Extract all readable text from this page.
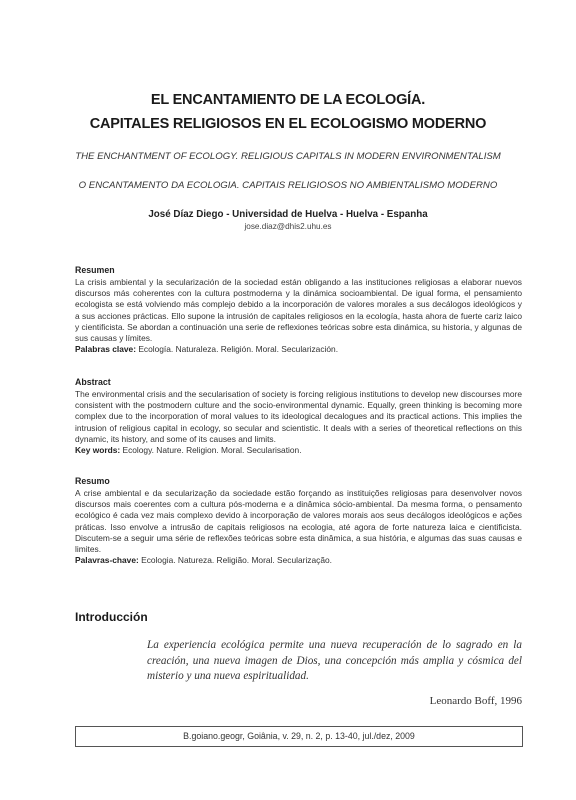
EL ENCANTAMIENTO DE LA ECOLOGÍA.
CAPITALES RELIGIOSOS EN EL ECOLOGISMO MODERNO
THE ENCHANTMENT OF ECOLOGY. RELIGIOUS CAPITALS IN MODERN ENVIRONMENTALISM
O ENCANTAMENTO DA ECOLOGIA. CAPITAIS RELIGIOSOS NO AMBIENTALISMO MODERNO
José Díaz Diego - Universidad de Huelva - Huelva - Espanha
jose.diaz@dhis2.uhu.es

Resumen

La crisis ambiental y la secularización de la sociedad están obligando a las instituciones religiosas a elaborar nuevos discursos más coherentes con la cultura postmoderna y la dinámica socioambiental. De igual forma, el pensamiento ecologista se está volviendo más complejo debido a la incorporación de valores morales a sus decálogos ideológicos y a sus acciones prácticas. Ello supone la intrusión de capitales religiosos en la ecología, hasta ahora de fuerte cariz laico y cientificista. Se abordan a continuación una serie de reflexiones teóricas sobre esta dinámica, su historia, y algunas de sus causas y límites.

Palabras clave: Ecología. Naturaleza. Religión. Moral. Secularización.

Abstract

The environmental crisis and the secularisation of society is forcing religious institutions to develop new discourses more consistent with the postmodern culture and the socio-environmental dynamic. Equally, green thinking is becoming more complex due to the incorporation of moral values to its ideological decalogues and its practical actions. This implies the intrusion of religious capital in ecology, so secular and scientistic. It deals with a series of theoretical reflections on this dynamic, its history, and some of its causes and limits.

Key words: Ecology. Nature. Religion. Moral. Secularisation.

Resumo

A crise ambiental e da secularização da sociedade estão forçando as instituições religiosas para desenvolver novos discursos mais coerentes com a cultura pós-moderna e a dinâmica sócio-ambiental. Da mesma forma, o pensamento ecológico é cada vez mais complexo devido à incorporação de valores morais aos seus decálogos ideológicos e ações práticas. Isso envolve a intrusão de capitais religiosos na ecologia, até agora de forte natureza laica e cientificista. Discutem-se a seguir uma série de reflexões teóricas sobre esta dinâmica, a sua história, e algumas das suas causas e limites.

Palavras-chave: Ecologia. Natureza. Religião. Moral. Secularização.

Introducción
La experiencia ecológica permite una nueva recuperación de lo sagrado en la creación, una nueva imagen de Dios, una concepción más amplia y cósmica del misterio y una nueva espiritualidad.
Leonardo Boff, 1996
B.goiano.geogr, Goiânia, v. 29, n. 2, p. 13-40, jul./dez, 2009
